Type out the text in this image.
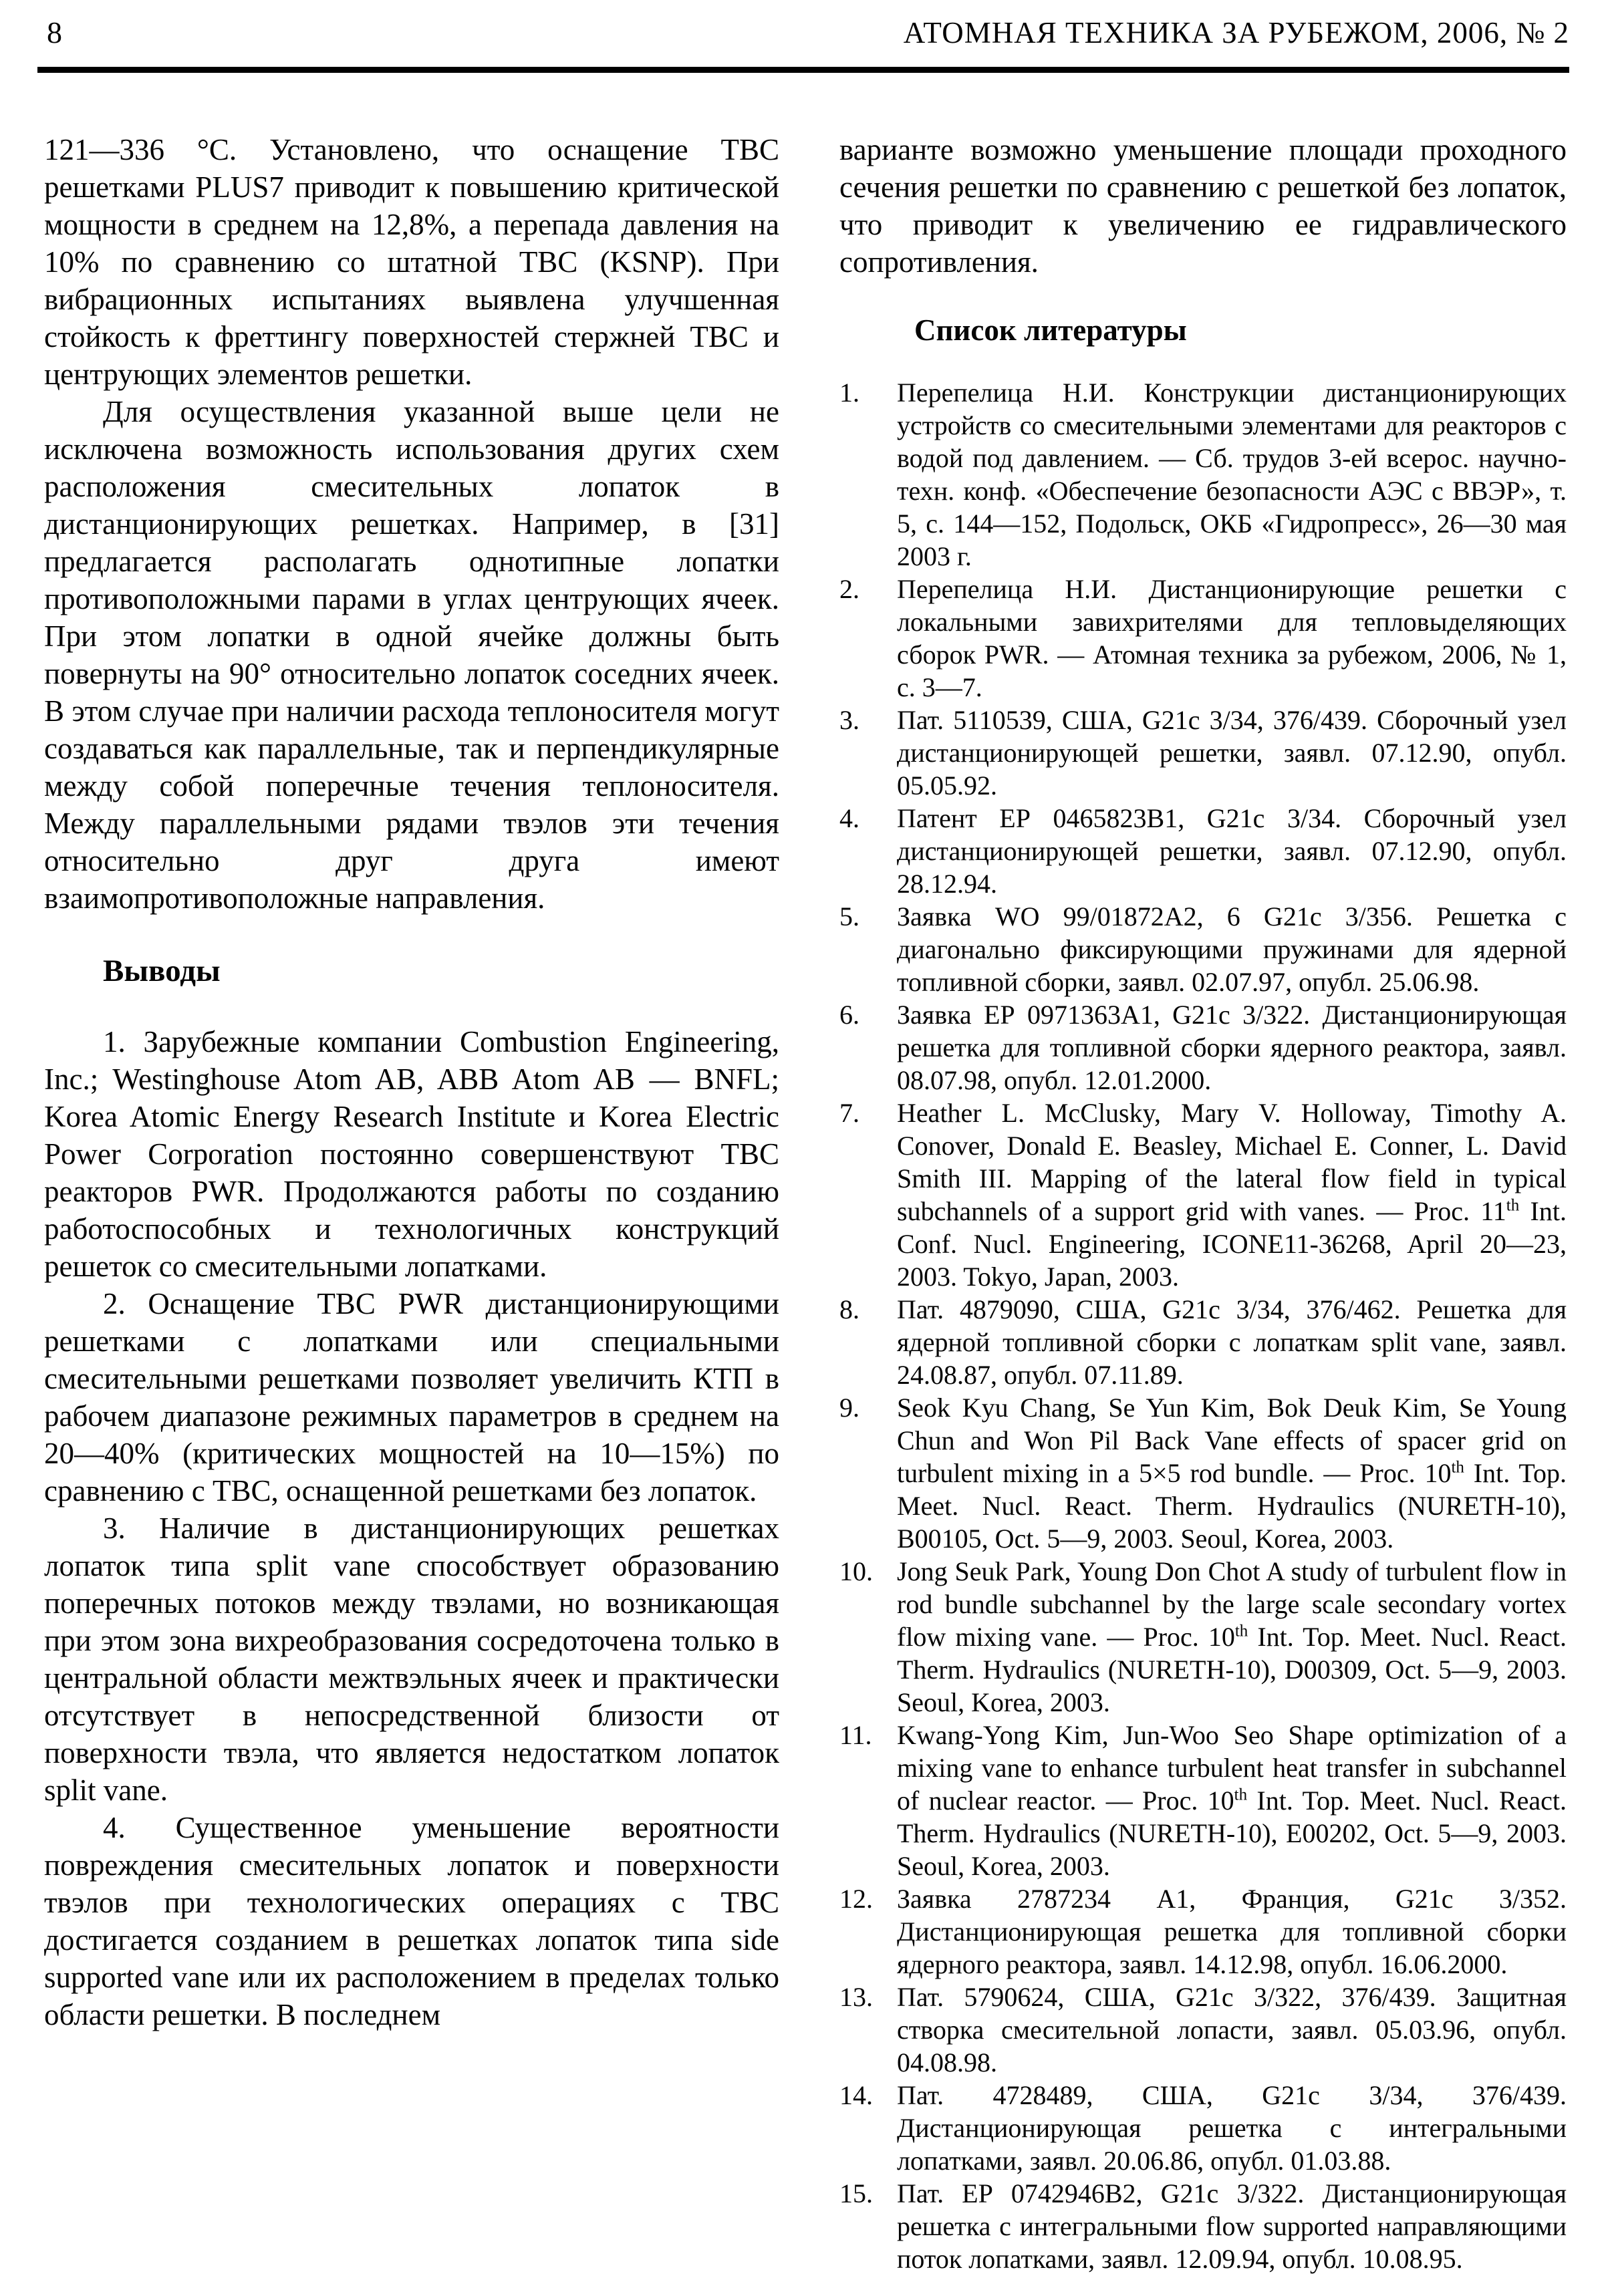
8	АТОМНАЯ ТЕХНИКА ЗА РУБЕЖОМ, 2006, № 2

121—336 °С. Установлено, что оснащение ТВС решетками PLUS7 приводит к повышению критической мощности в среднем на 12,8%, а перепада давления на 10% по сравнению со штатной ТВС (KSNP). При вибрационных испытаниях выявлена улучшенная стойкость к фреттингу поверхностей стержней ТВС и центрующих элементов решетки.

Для осуществления указанной выше цели не исключена возможность использования других схем расположения смесительных лопаток в дистанционирующих решетках. Например, в [31] предлагается располагать однотипные лопатки противоположными парами в углах центрующих ячеек. При этом лопатки в одной ячейке должны быть повернуты на 90° относительно лопаток соседних ячеек. В этом случае при наличии расхода теплоносителя могут создаваться как параллельные, так и перпендикулярные между собой поперечные течения теплоносителя. Между параллельными рядами твэлов эти течения относительно друг друга имеют взаимопротивоположные направления.

Выводы

1. Зарубежные компании Combustion Engineering, Inc.; Westinghouse Atom AB, ABB Atom AB — BNFL; Korea Atomic Energy Research Institute и Korea Electric Power Corporation постоянно совершенствуют ТВС реакторов PWR. Продолжаются работы по созданию работоспособных и технологичных конструкций решеток со смесительными лопатками.

2. Оснащение ТВС PWR дистанционирующими решетками с лопатками или специальными смесительными решетками позволяет увеличить КТП в рабочем диапазоне режимных параметров в среднем на 20—40% (критических мощностей на 10—15%) по сравнению с ТВС, оснащенной решетками без лопаток.

3. Наличие в дистанционирующих решетках лопаток типа split vane способствует образованию поперечных потоков между твэлами, но возникающая при этом зона вихреобразования сосредоточена только в центральной области межтвэльных ячеек и практически отсутствует в непосредственной близости от поверхности твэла, что является недостатком лопаток split vane.

4. Существенное уменьшение вероятности повреждения смесительных лопаток и поверхности твэлов при технологических операциях с ТВС достигается созданием в решетках лопаток типа side supported vane или их расположением в пределах только области решетки. В последнем

варианте возможно уменьшение площади проходного сечения решетки по сравнению с решеткой без лопаток, что приводит к увеличению ее гидравлического сопротивления.

Список литературы
1.	Перепелица Н.И. Конструкции дистанционирующих устройств со смесительными элементами для реакторов с водой под давлением. — Сб. трудов 3-ей всерос. научно-техн. конф. «Обеспечение безопасности АЭС с ВВЭР», т. 5, с. 144—152, Подольск, ОКБ «Гидропресс», 26—30 мая 2003 г.
2.	Перепелица Н.И. Дистанционирующие решетки с локальными завихрителями для тепловыделяющих сборок PWR. — Атомная техника за рубежом, 2006, № 1, с. 3—7.
3.	Пат. 5110539, США, G21c 3/34, 376/439. Сборочный узел дистанционирующей решетки, заявл. 07.12.90, опубл. 05.05.92.
4.	Патент ЕР 0465823В1, G21c 3/34. Сборочный узел дистанционирующей решетки, заявл. 07.12.90, опубл. 28.12.94.
5.	Заявка WO 99/01872А2, 6 G21c 3/356. Решетка с диагонально фиксирующими пружинами для ядерной топливной сборки, заявл. 02.07.97, опубл. 25.06.98.
6.	Заявка ЕР 0971363А1, G21c 3/322. Дистанционирующая решетка для топливной сборки ядерного реактора, заявл. 08.07.98, опубл. 12.01.2000.
7.	Heather L. McClusky, Mary V. Holloway, Timothy A. Conover, Donald E. Beasley, Michael E. Conner, L. David Smith III. Mapping of the lateral flow field in typical subchannels of a support grid with vanes. — Proc. 11th Int. Conf. Nucl. Engineering, ICONE11-36268, April 20—23, 2003. Tokyo, Japan, 2003.
8.	Пат. 4879090, США, G21c 3/34, 376/462. Решетка для ядерной топливной сборки с лопаткам split vane, заявл. 24.08.87, опубл. 07.11.89.
9.	Seok Kyu Chang, Se Yun Kim, Bok Deuk Kim, Se Young Chun and Won Pil Back Vane effects of spacer grid on turbulent mixing in a 5×5 rod bundle. — Proc. 10th Int. Top. Meet. Nucl. React. Therm. Hydraulics (NURETH-10), B00105, Oct. 5—9, 2003. Seoul, Korea, 2003.
10. Jong Seuk Park, Young Don Chot A study of turbulent flow in rod bundle subchannel by the large scale secondary vortex flow mixing vane. — Proc. 10th Int. Top. Meet. Nucl. React. Therm. Hydraulics (NURETH-10), D00309, Oct. 5—9, 2003. Seoul, Korea, 2003.
11. Kwang-Yong Kim, Jun-Woo Seo Shape optimization of a mixing vane to enhance turbulent heat transfer in subchannel of nuclear reactor. — Proc. 10th Int. Top. Meet. Nucl. React. Therm. Hydraulics (NURETH-10), E00202, Oct. 5—9, 2003. Seoul, Korea, 2003.
12. Заявка 2787234 А1, Франция, G21c 3/352. Дистанционирующая решетка для топливной сборки ядерного реактора, заявл. 14.12.98, опубл. 16.06.2000.
13. Пат. 5790624, США, G21c 3/322, 376/439. Защитная створка смесительной лопасти, заявл. 05.03.96, опубл. 04.08.98.
14. Пат. 4728489, США, G21c 3/34, 376/439. Дистанционирующая решетка с интегральными лопатками, заявл. 20.06.86, опубл. 01.03.88.
15. Пат. ЕР 0742946В2, G21c 3/322. Дистанционирующая решетка с интегральными flow supported направляющими поток лопатками, заявл. 12.09.94, опубл. 10.08.95.
